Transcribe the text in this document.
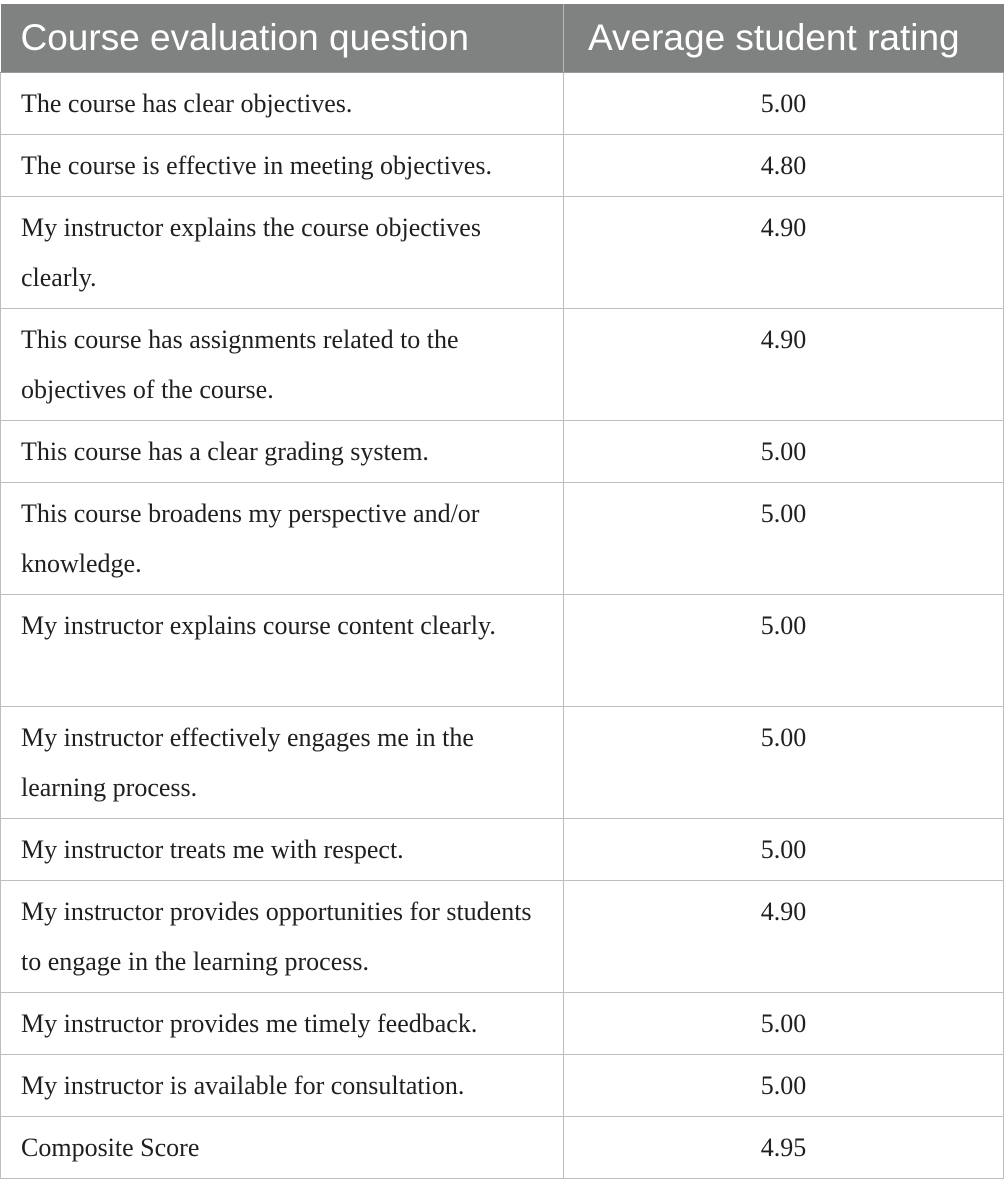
Course evaluation question	Average student rating
The course has clear objectives.	5.00
The course is effective in meeting objectives.	4.80
My instructor explains the course objectives clearly.	4.90
This course has assignments related to the objectives of the course.	4.90
This course has a clear grading system.	5.00
This course broadens my perspective and/or knowledge.	5.00
My instructor explains course content clearly.	5.00
My instructor effectively engages me in the learning process.	5.00
My instructor treats me with respect.	5.00
My instructor provides opportunities for students to engage in the learning process.	4.90
My instructor provides me timely feedback.	5.00
My instructor is available for consultation.	5.00
Composite Score	4.95
